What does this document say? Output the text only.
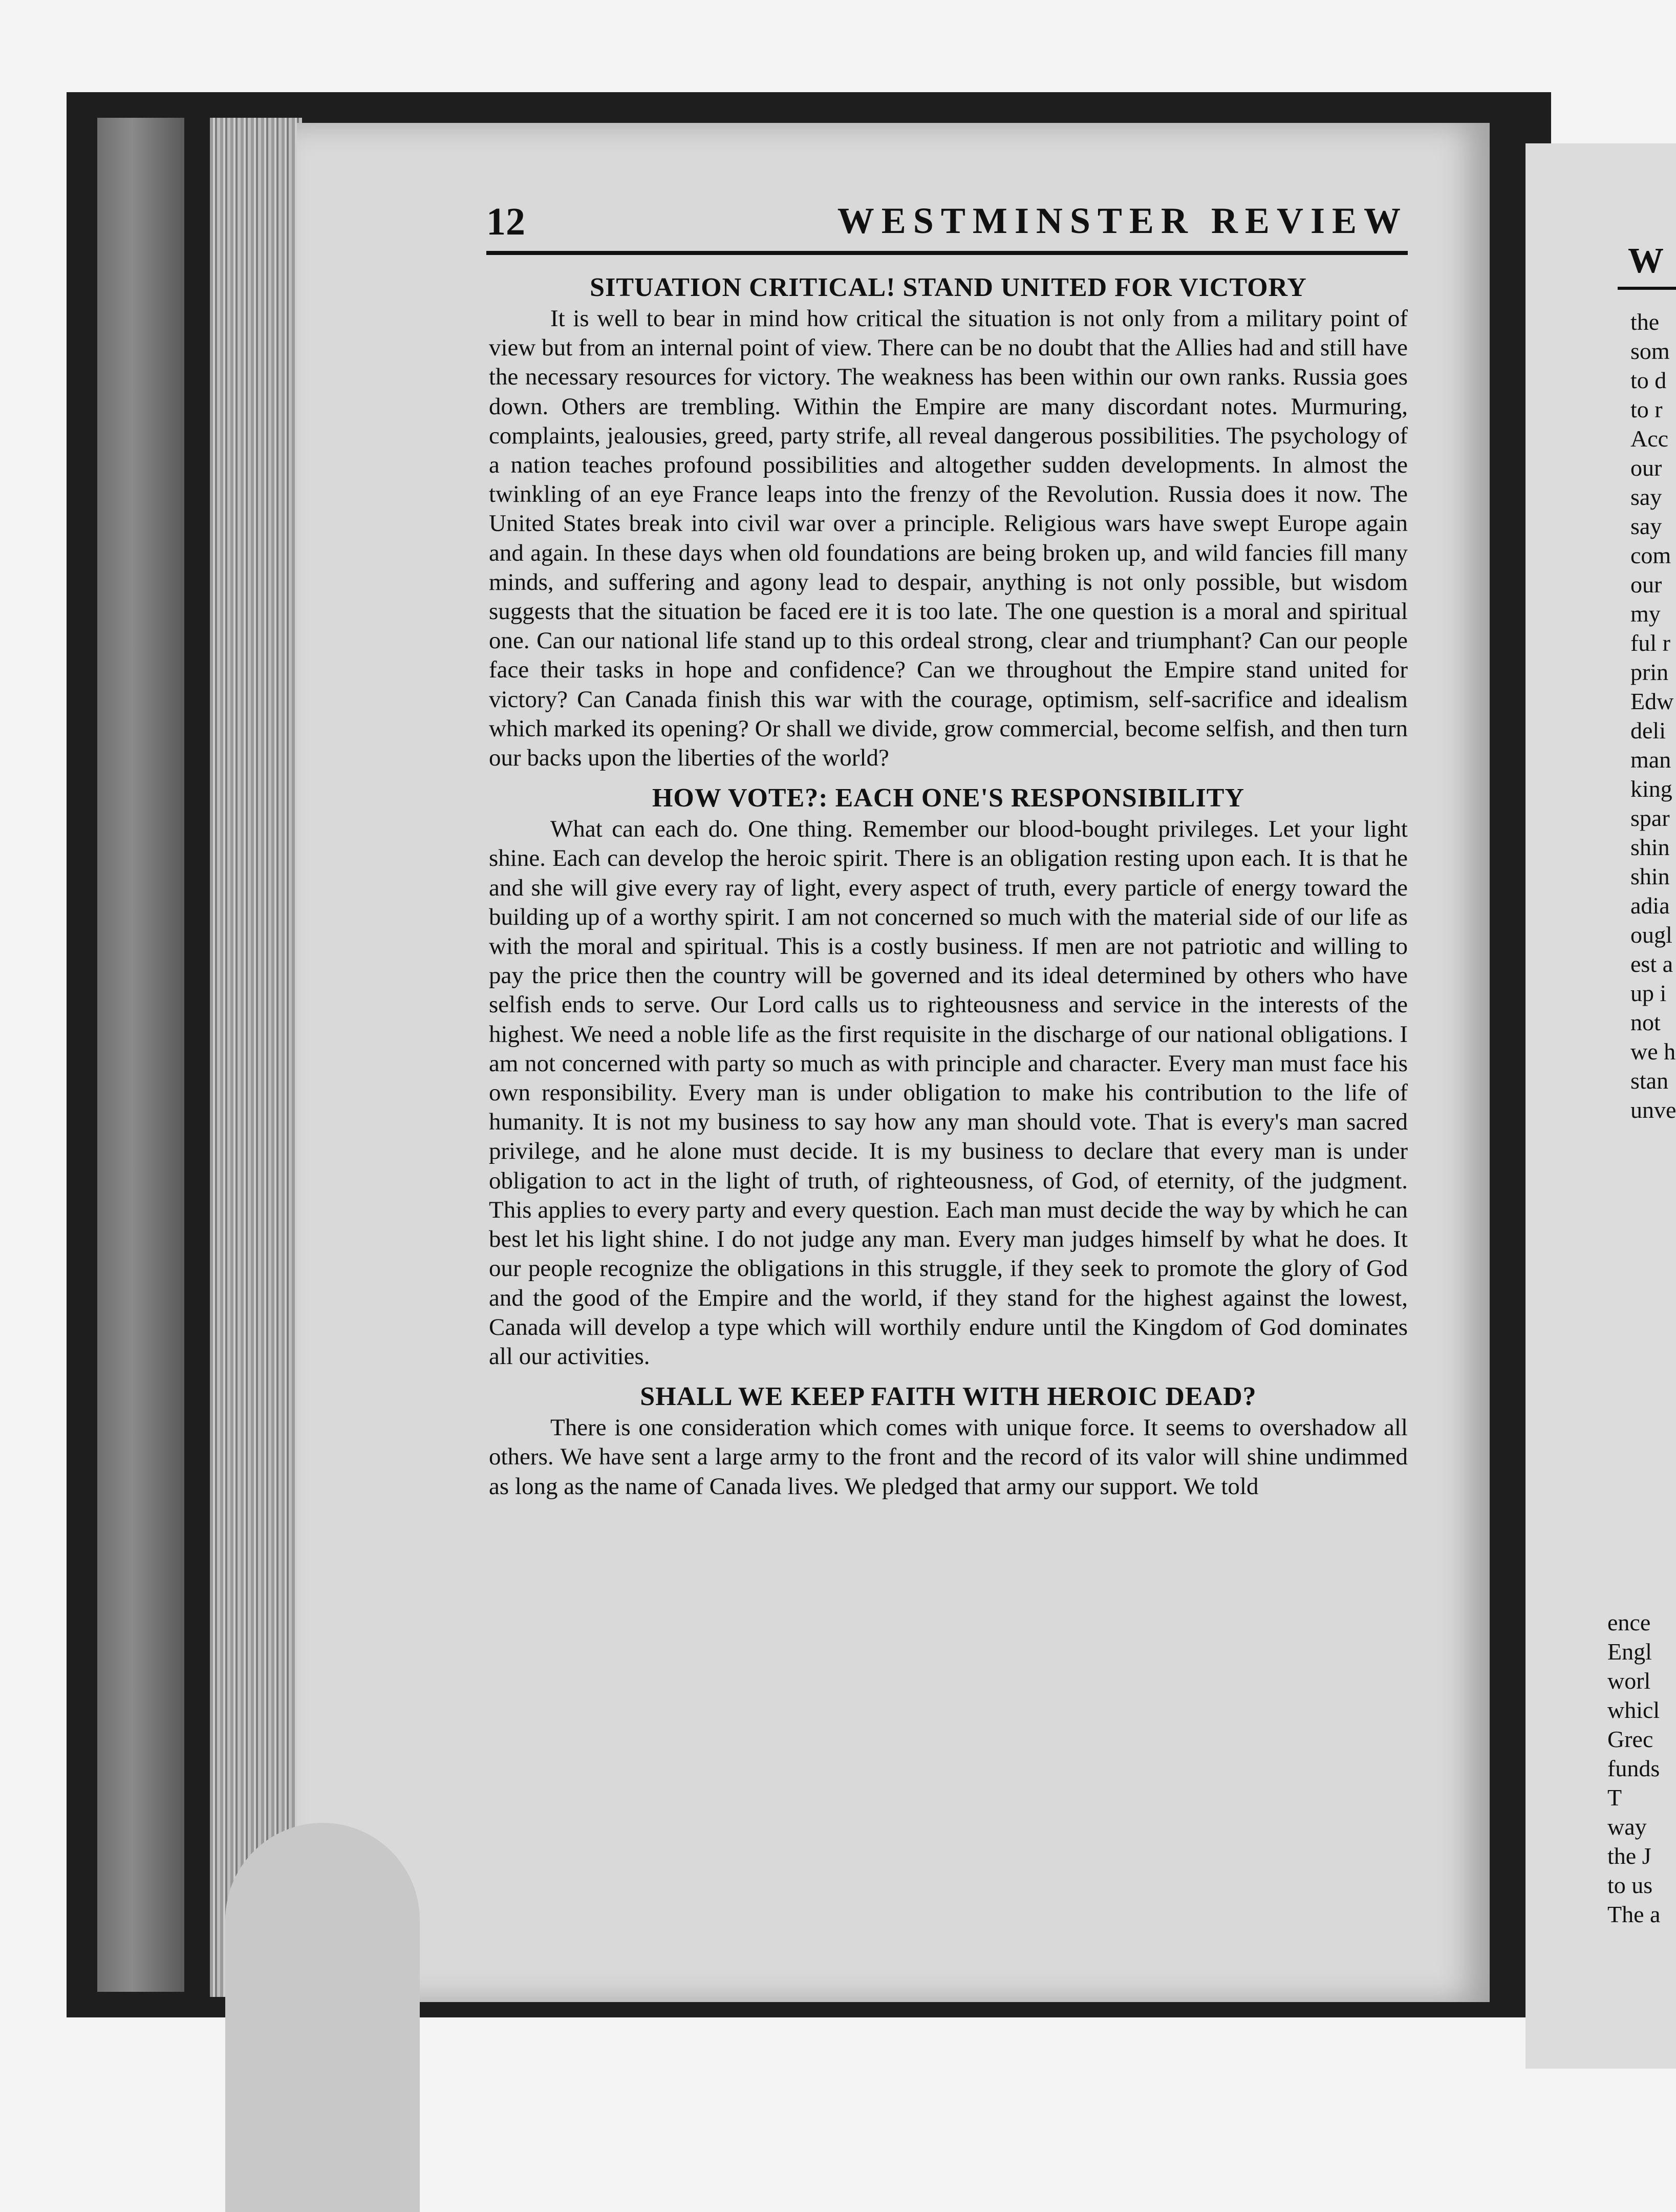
W
the
som
to d
to r
Acc
our
say
say
com
our
my
ful r
prin
Edw
deli
man
king
spar
shin
shin
adia
ougl
est a
up i
not
we h
stan
unve
ence
Engl
worl
whicl
Grec
funds
T
way
the J
to us
The a
12	WESTMINSTER REVIEW
SITUATION CRITICAL! STAND UNITED FOR VICTORY

It is well to bear in mind how critical the situation is not only from a military point of view but from an internal point of view. There can be no doubt that the Allies had and still have the necessary resources for victory. The weakness has been within our own ranks. Russia goes down. Others are trembling. Within the Empire are many discordant notes. Murmuring, complaints, jealousies, greed, party strife, all reveal dangerous possibilities. The psychology of a nation teaches profound possibilities and altogether sudden developments. In almost the twinkling of an eye France leaps into the frenzy of the Revolution. Russia does it now. The United States break into civil war over a principle. Religious wars have swept Europe again and again. In these days when old foundations are being broken up, and wild fancies fill many minds, and suffering and agony lead to despair, anything is not only possible, but wisdom suggests that the situation be faced ere it is too late. The one question is a moral and spiritual one. Can our national life stand up to this ordeal strong, clear and triumphant? Can our people face their tasks in hope and confidence? Can we throughout the Empire stand united for victory? Can Canada finish this war with the courage, optimism, self-sacrifice and idealism which marked its opening? Or shall we divide, grow commercial, become selfish, and then turn our backs upon the liberties of the world?

HOW VOTE?: EACH ONE'S RESPONSIBILITY

What can each do. One thing. Remember our blood-bought privileges. Let your light shine. Each can develop the heroic spirit. There is an obligation resting upon each. It is that he and she will give every ray of light, every aspect of truth, every particle of energy toward the building up of a worthy spirit. I am not concerned so much with the material side of our life as with the moral and spiritual. This is a costly business. If men are not patriotic and willing to pay the price then the country will be governed and its ideal determined by others who have selfish ends to serve. Our Lord calls us to righteousness and service in the interests of the highest. We need a noble life as the first requisite in the discharge of our national obligations. I am not concerned with party so much as with principle and character. Every man must face his own responsibility. Every man is under obligation to make his contribution to the life of humanity. It is not my business to say how any man should vote. That is every's man sacred privilege, and he alone must decide. It is my business to declare that every man is under obligation to act in the light of truth, of righteousness, of God, of eternity, of the judgment. This applies to every party and every question. Each man must decide the way by which he can best let his light shine. I do not judge any man. Every man judges himself by what he does. It our people recognize the obligations in this struggle, if they seek to promote the glory of God and the good of the Empire and the world, if they stand for the highest against the lowest, Canada will develop a type which will worthily endure until the Kingdom of God dominates all our activities.

SHALL WE KEEP FAITH WITH HEROIC DEAD?

There is one consideration which comes with unique force. It seems to overshadow all others. We have sent a large army to the front and the record of its valor will shine undimmed as long as the name of Canada lives. We pledged that army our support. We told
